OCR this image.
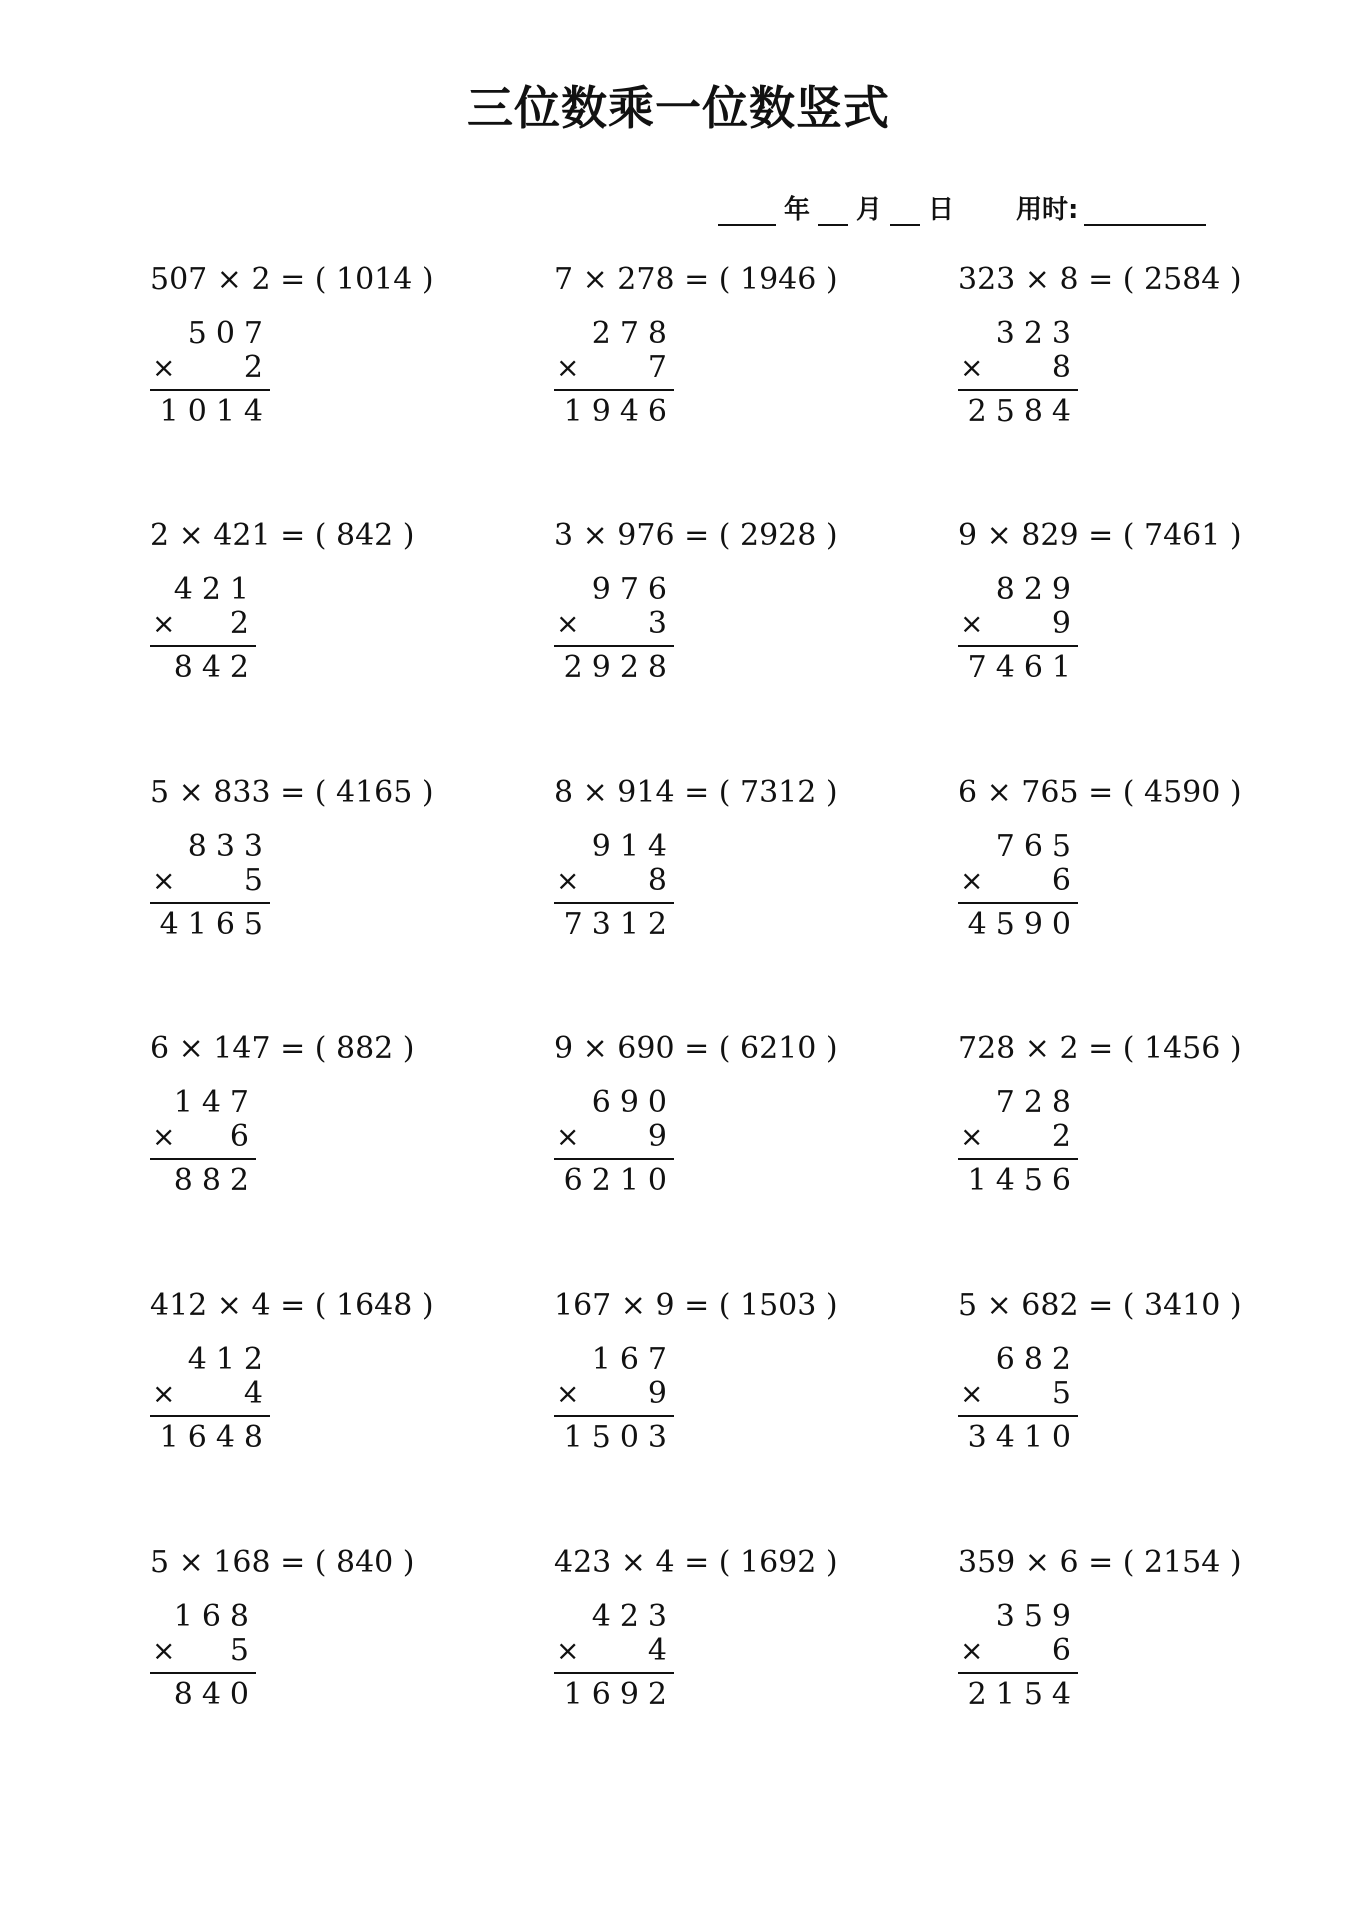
三位数乘一位数竖式
年 月 日 用时:
507 × 2 = ( 1014 )
507
2
1014
×
7 × 278 = ( 1946 )
278
7
1946
×
323 × 8 = ( 2584 )
323
8
2584
×
2 × 421 = ( 842 )
421
2
842
×
3 × 976 = ( 2928 )
976
3
2928
×
9 × 829 = ( 7461 )
829
9
7461
×
5 × 833 = ( 4165 )
833
5
4165
×
8 × 914 = ( 7312 )
914
8
7312
×
6 × 765 = ( 4590 )
765
6
4590
×
6 × 147 = ( 882 )
147
6
882
×
9 × 690 = ( 6210 )
690
9
6210
×
728 × 2 = ( 1456 )
728
2
1456
×
412 × 4 = ( 1648 )
412
4
1648
×
167 × 9 = ( 1503 )
167
9
1503
×
5 × 682 = ( 3410 )
682
5
3410
×
5 × 168 = ( 840 )
168
5
840
×
423 × 4 = ( 1692 )
423
4
1692
×
359 × 6 = ( 2154 )
359
6
2154
×
